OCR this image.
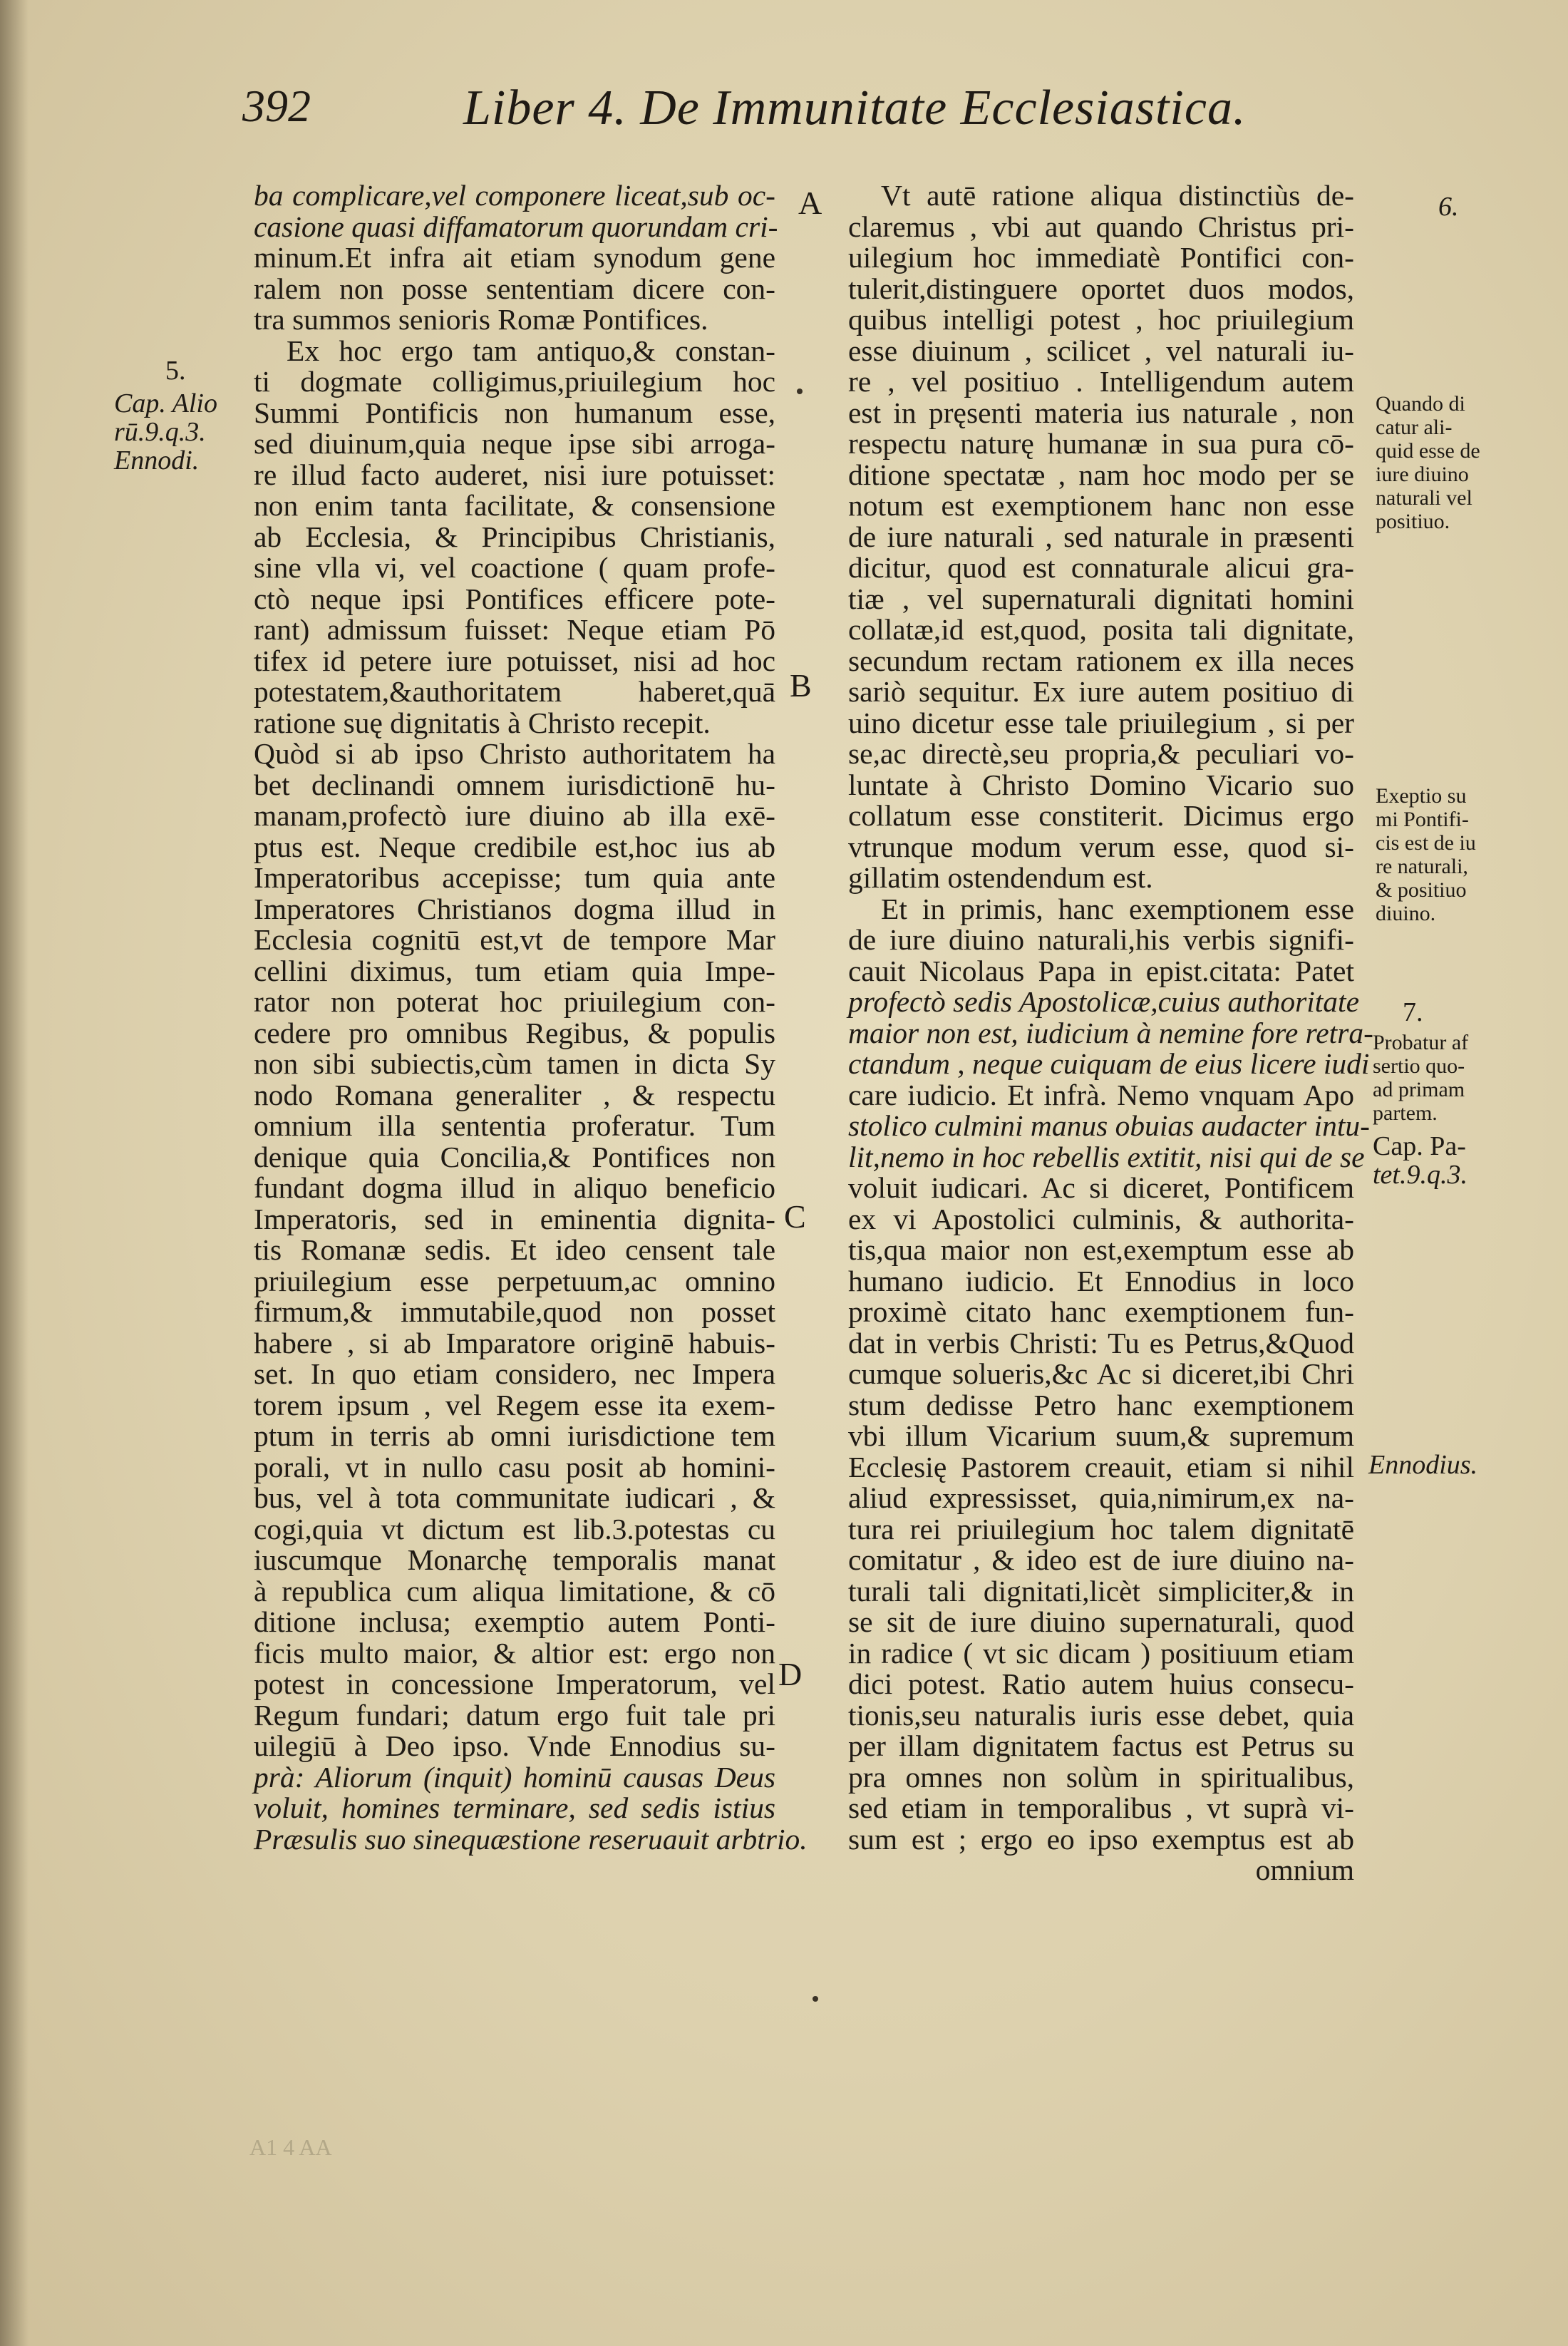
392	Liber 4. De Immunitate Ecclesiastica.
ba complicare,vel componere liceat,sub oc-
casione quasi diffamatorum quorundam cri-
minum.Et infra ait etiam synodum gene
ralem non posse sententiam dicere con-
tra summos senioris Romæ Pontifices.
Ex hoc ergo tam antiquo,& constan-
ti dogmate colligimus,priuilegium hoc
Summi Pontificis non humanum esse,
sed diuinum,quia neque ipse sibi arroga-
re illud facto auderet, nisi iure potuisset:
non enim tanta facilitate, & consensione
ab Ecclesia, & Principibus Christianis,
sine vlla vi, vel coactione ( quam profe-
ctò neque ipsi Pontifices efficere pote-
rant) admissum fuisset: Neque etiam Pō
tifex id petere iure potuisset, nisi ad hoc
potestatem,&authoritatem haberet,quā
ratione suę dignitatis à Christo recepit.
Quòd si ab ipso Christo authoritatem ha
bet declinandi omnem iurisdictionē hu-
manam,profectò iure diuino ab illa exē-
ptus est. Neque credibile est,hoc ius ab
Imperatoribus accepisse; tum quia ante
Imperatores Christianos dogma illud in
Ecclesia cognitū est,vt de tempore Mar
cellini diximus, tum etiam quia Impe-
rator non poterat hoc priuilegium con-
cedere pro omnibus Regibus, & populis
non sibi subiectis,cùm tamen in dicta Sy
nodo Romana generaliter , & respectu
omnium illa sententia proferatur. Tum
denique quia Concilia,& Pontifices non
fundant dogma illud in aliquo beneficio
Imperatoris, sed in eminentia dignita-
tis Romanæ sedis. Et ideo censent tale
priuilegium esse perpetuum,ac omnino
firmum,& immutabile,quod non posset
habere , si ab Imparatore originē habuis-
set. In quo etiam considero, nec Impera
torem ipsum , vel Regem esse ita exem-
ptum in terris ab omni iurisdictione tem
porali, vt in nullo casu posit ab homini-
bus, vel à tota communitate iudicari , &
cogi,quia vt dictum est lib.3.potestas cu
iuscumque Monarchę temporalis manat
à republica cum aliqua limitatione, & cō
ditione inclusa; exemptio autem Ponti-
ficis multo maior, & altior est: ergo non
potest in concessione Imperatorum, vel
Regum fundari; datum ergo fuit tale pri
uilegiū à Deo ipso. Vnde Ennodius su-
prà: Aliorum (inquit) hominū causas Deus
voluit, homines terminare, sed sedis istius
Præsulis suo sinequæstione reseruauit arbtrio.
Vt autē ratione aliqua distinctiùs de-
claremus , vbi aut quando Christus pri-
uilegium hoc immediatè Pontifici con-
tulerit,distinguere oportet duos modos,
quibus intelligi potest , hoc priuilegium
esse diuinum , scilicet , vel naturali iu-
re , vel positiuo . Intelligendum autem
est in pręsenti materia ius naturale , non
respectu naturę humanæ in sua pura cō-
ditione spectatæ , nam hoc modo per se
notum est exemptionem hanc non esse
de iure naturali , sed naturale in præsenti
dicitur, quod est connaturale alicui gra-
tiæ , vel supernaturali dignitati homini
collatæ,id est,quod, posita tali dignitate,
secundum rectam rationem ex illa neces
sariò sequitur. Ex iure autem positiuo di
uino dicetur esse tale priuilegium , si per
se,ac directè,seu propria,& peculiari vo-
luntate à Christo Domino Vicario suo
collatum esse constiterit. Dicimus ergo
vtrunque modum verum esse, quod si-
gillatim ostendendum est.
Et in primis, hanc exemptionem esse
de iure diuino naturali,his verbis signifi-
cauit Nicolaus Papa in epist.citata: Patet
profectò sedis Apostolicæ,cuius authoritate
maior non est, iudicium à nemine fore retra-
ctandum , neque cuiquam de eius licere iudi
care iudicio. Et infrà. Nemo vnquam Apo
stolico culmini manus obuias audacter intu-
lit,nemo in hoc rebellis extitit, nisi qui de se
voluit iudicari. Ac si diceret, Pontificem
ex vi Apostolici culminis, & authorita-
tis,qua maior non est,exemptum esse ab
humano iudicio. Et Ennodius in loco
proximè citato hanc exemptionem fun-
dat in verbis Christi: Tu es Petrus,&Quod
cumque solueris,&c Ac si diceret,ibi Chri
stum dedisse Petro hanc exemptionem
vbi illum Vicarium suum,& supremum
Ecclesię Pastorem creauit, etiam si nihil
aliud expressisset, quia,nimirum,ex na-
tura rei priuilegium hoc talem dignitatē
comitatur , & ideo est de iure diuino na-
turali tali dignitati,licèt simpliciter,& in
se sit de iure diuino supernaturali, quod
in radice ( vt sic dicam ) positiuum etiam
dici potest. Ratio autem huius consecu-
tionis,seu naturalis iuris esse debet, quia
per illam dignitatem factus est Petrus su
pra omnes non solùm in spiritualibus,
sed etiam in temporalibus , vt suprà vi-
sum est ; ergo eo ipso exemptus est ab
omnium
A
B
C
D
5.
Cap. Alio
rū.9.q.3.
Ennodi.
6.
Quando di
catur ali-
quid esse de
iure diuino
naturali vel
positiuo.
Exeptio su
mi Pontifi-
cis est de iu
re naturali,
& positiuo
diuino.
7.
Probatur af
sertio quo-
ad primam
partem.
Cap. Pa-
tet.9.q.3.
Ennodius.
A1 4 AA
